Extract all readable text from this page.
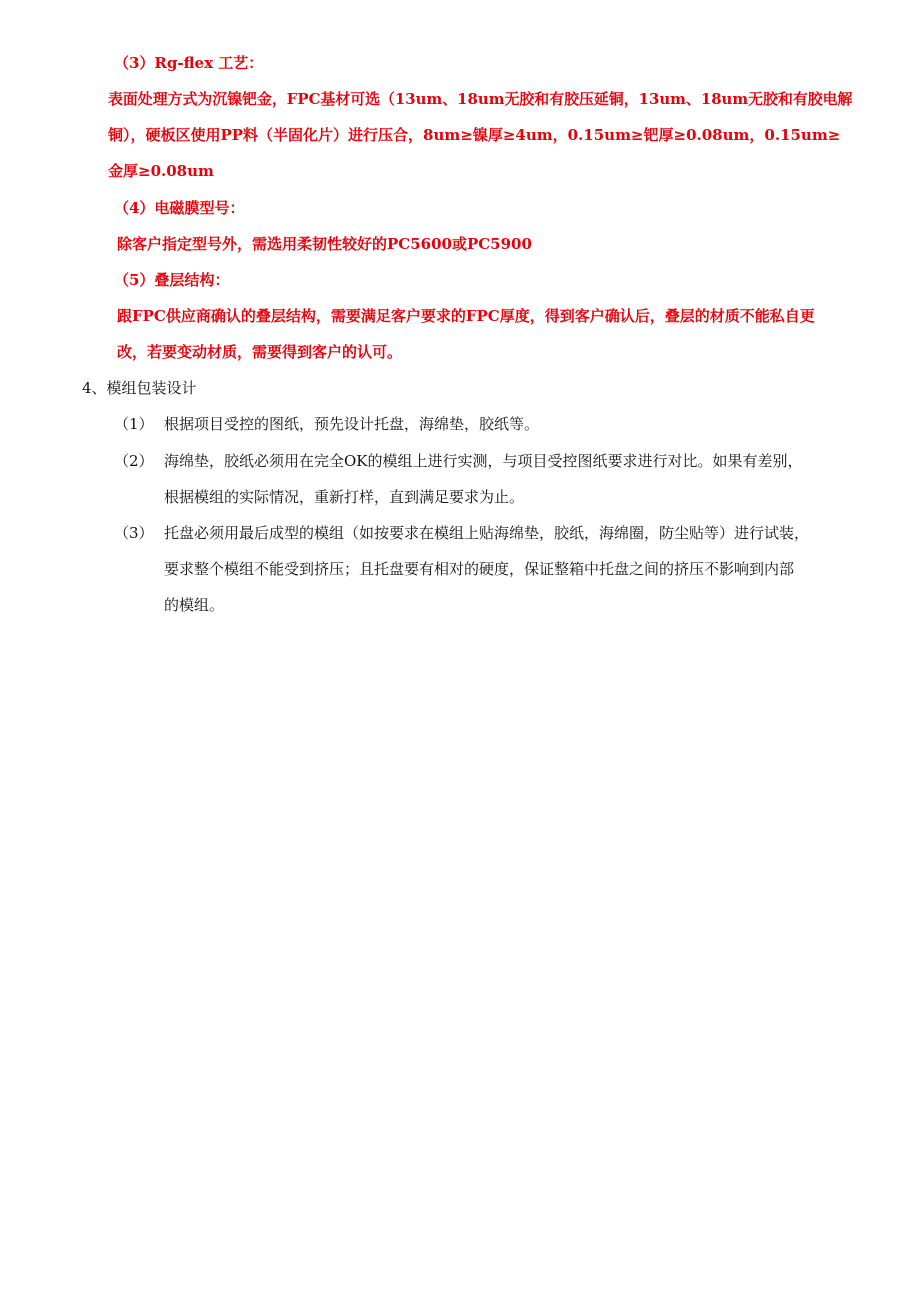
（3）Rg-flex 工艺：
表面处理方式为沉镍钯金，FPC基材可选（13um、18um无胶和有胶压延铜，13um、18um无胶和有胶电解
铜），硬板区使用PP料（半固化片）进行压合，8um≥镍厚≥4um，0.15um≥钯厚≥0.08um，0.15um≥
金厚≥0.08um
（4）电磁膜型号：
除客户指定型号外，需选用柔韧性较好的PC5600或PC5900
（5）叠层结构：
跟FPC供应商确认的叠层结构，需要满足客户要求的FPC厚度，得到客户确认后，叠层的材质不能私自更
改，若要变动材质，需要得到客户的认可。
4、模组包装设计
（1） 根据项目受控的图纸，预先设计托盘，海绵垫，胶纸等。
（2） 海绵垫，胶纸必须用在完全OK的模组上进行实测，与项目受控图纸要求进行对比。如果有差别，
根据模组的实际情况，重新打样，直到满足要求为止。
（3） 托盘必须用最后成型的模组（如按要求在模组上贴海绵垫，胶纸，海绵圈，防尘贴等）进行试装，
要求整个模组不能受到挤压；且托盘要有相对的硬度，保证整箱中托盘之间的挤压不影响到内部
的模组。
